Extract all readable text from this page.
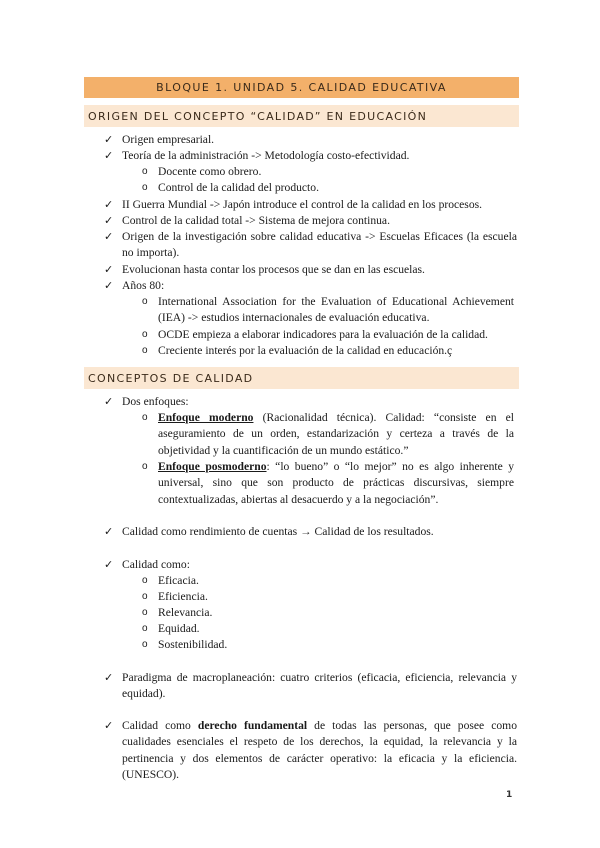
BLOQUE 1. UNIDAD 5. CALIDAD EDUCATIVA
ORIGEN DEL CONCEPTO “CALIDAD” EN EDUCACIÓN
✓ Origen empresarial.
✓ Teoría de la administración -> Metodología costo-efectividad.
o Docente como obrero.
o Control de la calidad del producto.
✓ II Guerra Mundial -> Japón introduce el control de la calidad en los procesos.
✓ Control de la calidad total -> Sistema de mejora continua.
✓ Origen de la investigación sobre calidad educativa -> Escuelas Eficaces (la escuela no importa).
✓ Evolucionan hasta contar los procesos que se dan en las escuelas.
✓ Años 80:
o International Association for the Evaluation of Educational Achievement (IEA) -> estudios internacionales de evaluación educativa.
o OCDE empieza a elaborar indicadores para la evaluación de la calidad.
o Creciente interés por la evaluación de la calidad en educación.ç
CONCEPTOS DE CALIDAD
✓ Dos enfoques:
o Enfoque moderno (Racionalidad técnica). Calidad: “consiste en el aseguramiento de un orden, estandarización y certeza a través de la objetividad y la cuantificación de un mundo estático.”
o Enfoque posmoderno: “lo bueno” o “lo mejor” no es algo inherente y universal, sino que son producto de prácticas discursivas, siempre contextualizadas, abiertas al desacuerdo y a la negociación”.
✓ Calidad como rendimiento de cuentas → Calidad de los resultados.
✓ Calidad como:
o Eficacia.
o Eficiencia.
o Relevancia.
o Equidad.
o Sostenibilidad.
✓ Paradigma de macroplaneación: cuatro criterios (eficacia, eficiencia, relevancia y equidad).
✓ Calidad como derecho fundamental de todas las personas, que posee como cualidades esenciales el respeto de los derechos, la equidad, la relevancia y la pertinencia y dos elementos de carácter operativo: la eficacia y la eficiencia. (UNESCO).
1
